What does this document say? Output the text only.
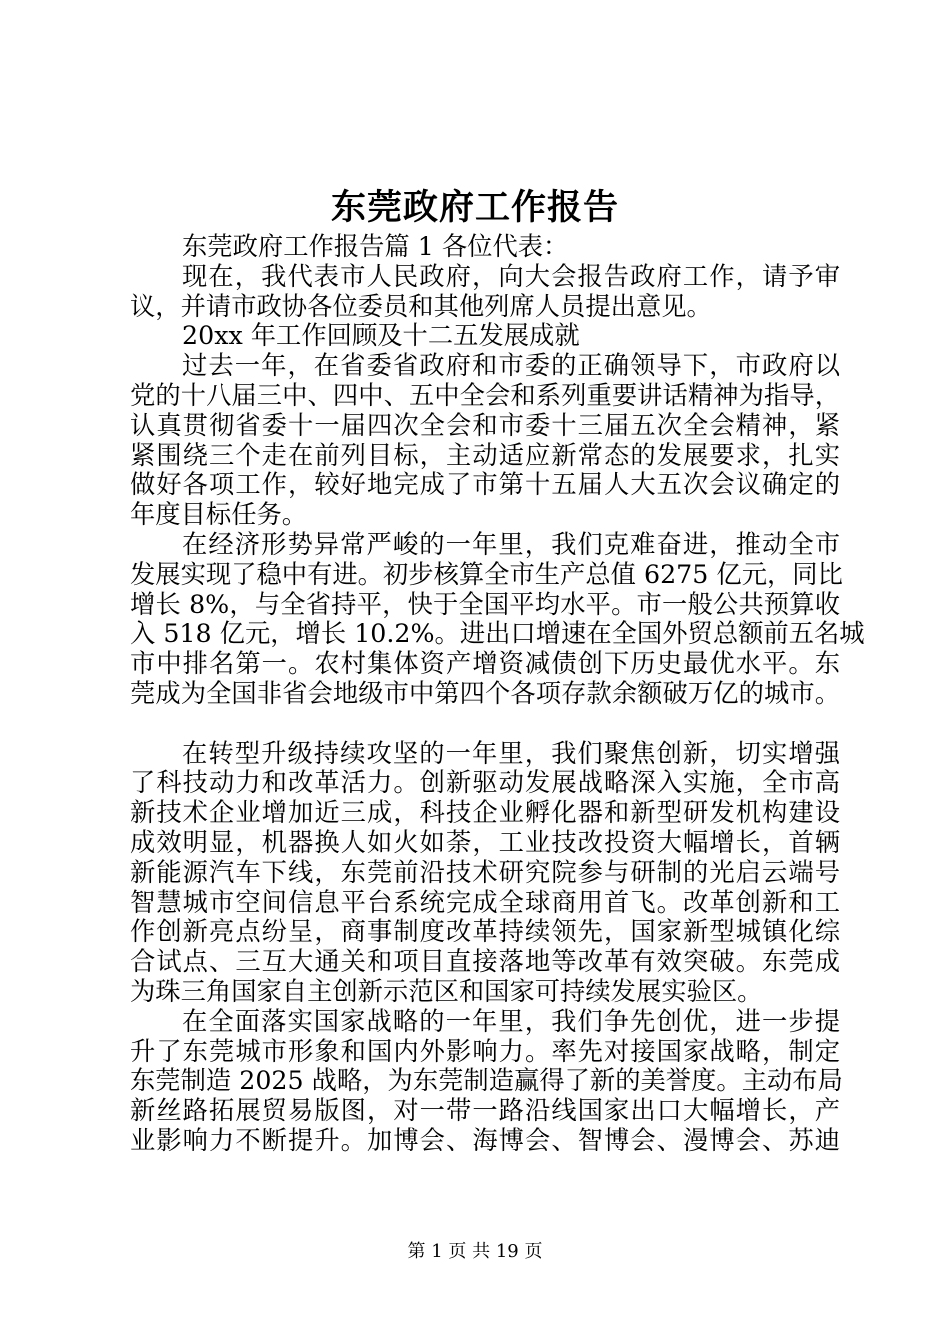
东莞政府工作报告
东莞政府工作报告篇 1 各位代表：
现在，我代表市人民政府，向大会报告政府工作，请予审
议，并请市政协各位委员和其他列席人员提出意见。
20xx 年工作回顾及十二五发展成就
过去一年，在省委省政府和市委的正确领导下，市政府以
党的十八届三中、四中、五中全会和系列重要讲话精神为指导，
认真贯彻省委十一届四次全会和市委十三届五次全会精神，紧
紧围绕三个走在前列目标，主动适应新常态的发展要求，扎实
做好各项工作，较好地完成了市第十五届人大五次会议确定的
年度目标任务。
在经济形势异常严峻的一年里，我们克难奋进，推动全市
发展实现了稳中有进。初步核算全市生产总值 6275 亿元，同比
增长 8%，与全省持平，快于全国平均水平。市一般公共预算收
入 518 亿元，增长 10.2%。进出口增速在全国外贸总额前五名城
市中排名第一。农村集体资产增资减债创下历史最优水平。东
莞成为全国非省会地级市中第四个各项存款余额破万亿的城市。
在转型升级持续攻坚的一年里，我们聚焦创新，切实增强
了科技动力和改革活力。创新驱动发展战略深入实施，全市高
新技术企业增加近三成，科技企业孵化器和新型研发机构建设
成效明显，机器换人如火如荼，工业技改投资大幅增长，首辆
新能源汽车下线，东莞前沿技术研究院参与研制的光启云端号
智慧城市空间信息平台系统完成全球商用首飞。改革创新和工
作创新亮点纷呈，商事制度改革持续领先，国家新型城镇化综
合试点、三互大通关和项目直接落地等改革有效突破。东莞成
为珠三角国家自主创新示范区和国家可持续发展实验区。
在全面落实国家战略的一年里，我们争先创优，进一步提
升了东莞城市形象和国内外影响力。率先对接国家战略，制定
东莞制造 2025 战略，为东莞制造赢得了新的美誉度。主动布局
新丝路拓展贸易版图，对一带一路沿线国家出口大幅增长，产
业影响力不断提升。加博会、海博会、智博会、漫博会、苏迪
第 1 页 共 19 页
